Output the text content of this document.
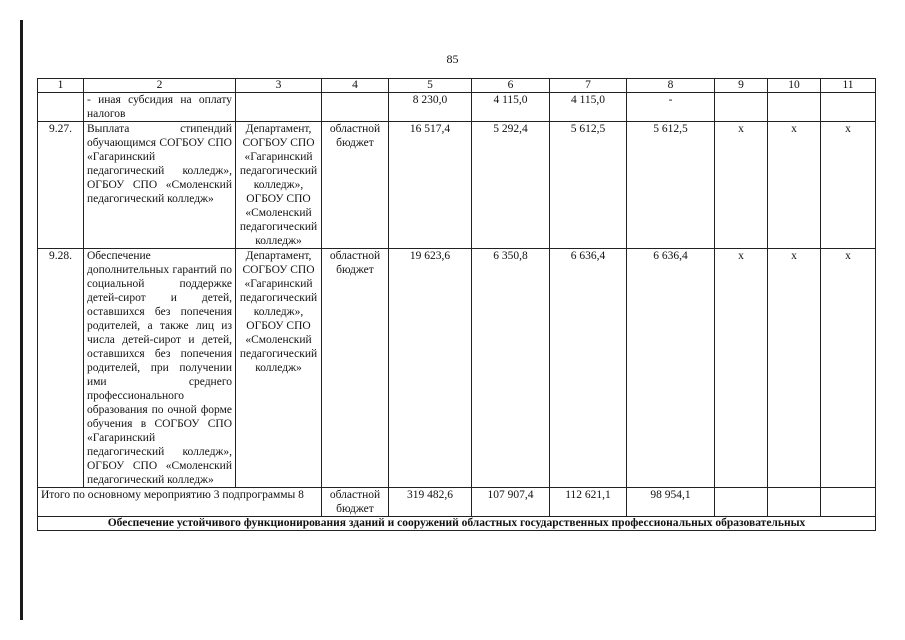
85
1	2	3	4	5	6	7	8	9	10	11
	- иная субсидия на оплату налогов			8 230,0	4 115,0	4 115,0	-			
9.27.	Выплата стипендий обучающимся СОГБОУ СПО «Гагаринский педагогический колледж», ОГБОУ СПО «Смоленский педагогический колледж»	Департамент, СОГБОУ СПО «Гагаринский педагогический колледж», ОГБОУ СПО «Смоленский педагогический колледж»	областной бюджет	16 517,4	5 292,4	5 612,5	5 612,5	х	х	х
9.28.	Обеспечение дополнительных гарантий по социальной поддержке детей-сирот и детей, оставшихся без попечения родителей, а также лиц из числа детей-сирот и детей, оставшихся без попечения родителей, при получении ими среднего профессионального образования по очной форме обучения в СОГБОУ СПО «Гагаринский педагогический колледж», ОГБОУ СПО «Смоленский педагогический колледж»	Департамент, СОГБОУ СПО «Гагаринский педагогический колледж», ОГБОУ СПО «Смоленский педагогический колледж»	областной бюджет	19 623,6	6 350,8	6 636,4	6 636,4	х	х	х
Итого по основному мероприятию 3 подпрограммы 8			областной бюджет	319 482,6	107 907,4	112 621,1	98 954,1			
Обеспечение устойчивого функционирования зданий и сооружений областных государственных профессиональных образовательных										
